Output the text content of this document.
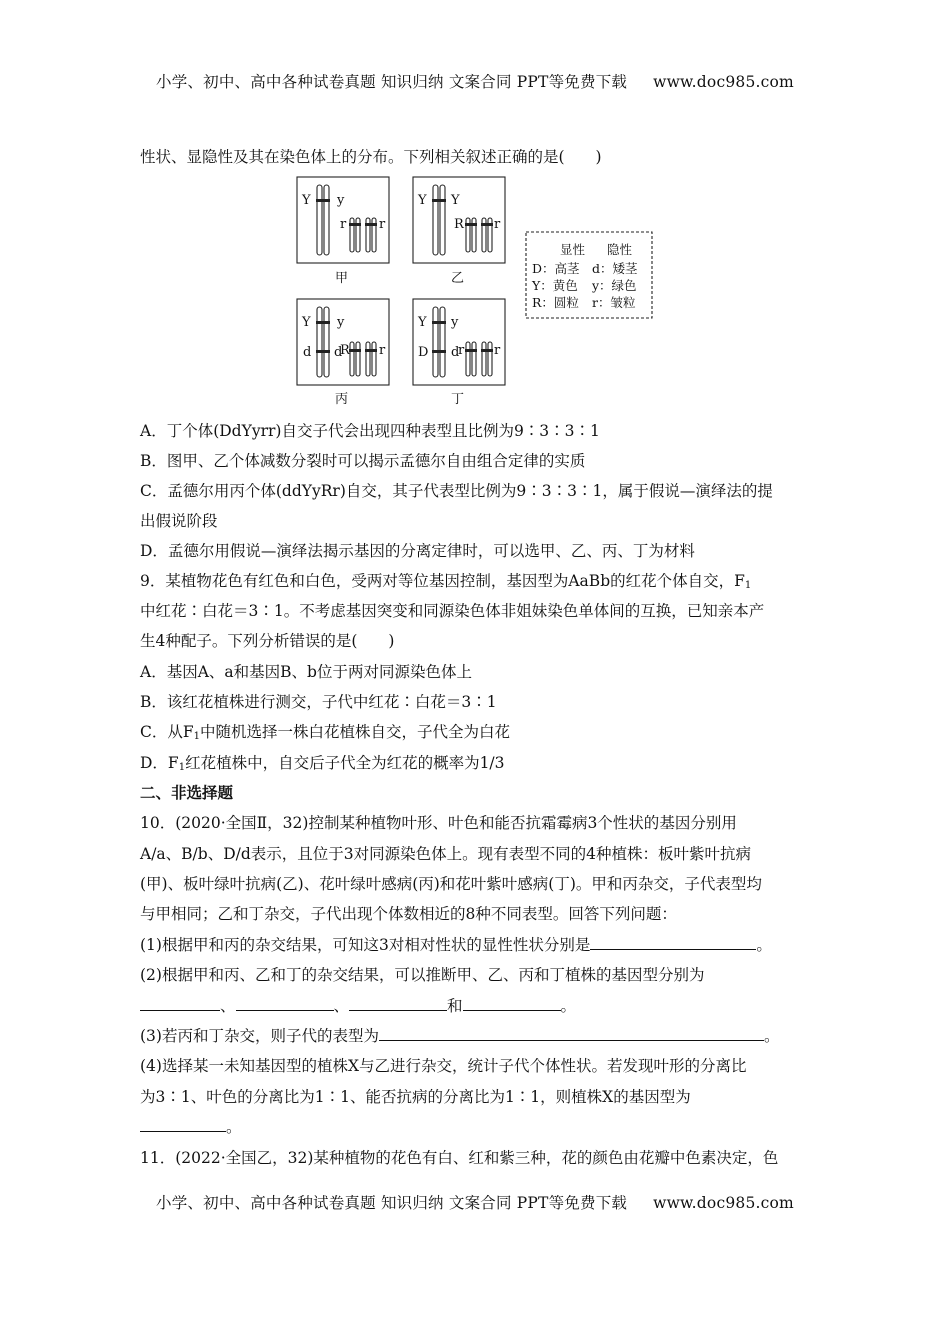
小学、初中、高中各种试卷真题 知识归纳 文案合同 PPT等免费下载 www.doc985.com
性状、显隐性及其在染色体上的分布。下列相关叙述正确的是(　　)
Y y
r	r
甲
Y Y
R r
乙
Y y
d d
R r
丙
Y y
D d
r r
丁
显性 隐性
D：高茎 d：矮茎
Y：黄色 y：绿色
R：圆粒 r：皱粒
A．丁个体(DdYyrr)自交子代会出现四种表型且比例为9∶3∶3∶1
B．图甲、乙个体减数分裂时可以揭示孟德尔自由组合定律的实质
C．孟德尔用丙个体(ddYyRr)自交，其子代表型比例为9∶3∶3∶1，属于假说—演绎法的提
出假说阶段
D．孟德尔用假说—演绎法揭示基因的分离定律时，可以选甲、乙、丙、丁为材料
9．某植物花色有红色和白色，受两对等位基因控制，基因型为AaBb的红花个体自交，$F_1$
中红花∶白花＝3∶1。不考虑基因突变和同源染色体非姐妹染色单体间的互换，已知亲本产
生4种配子。下列分析错误的是(　　)
A．基因A、a和基因B、b位于两对同源染色体上
B．该红花植株进行测交，子代中红花∶白花＝3∶1
C．从$F_1$中随机选择一株白花植株自交，子代全为白花
D．$F_1$红花植株中，自交后子代全为红花的概率为1/3
二、非选择题
10．(2020·全国Ⅱ，32)控制某种植物叶形、叶色和能否抗霜霉病3个性状的基因分别用
A/a、B/b、D/d表示，且位于3对同源染色体上。现有表型不同的4种植株：板叶紫叶抗病
(甲)、板叶绿叶抗病(乙)、花叶绿叶感病(丙)和花叶紫叶感病(丁)。甲和丙杂交，子代表型均
与甲相同；乙和丁杂交，子代出现个体数相近的8种不同表型。回答下列问题：
(1)根据甲和丙的杂交结果，可知这3对相对性状的显性性状分别是	。
(2)根据甲和丙、乙和丁的杂交结果，可以推断甲、乙、丙和丁植株的基因型分别为
、	、	和	。
(3)若丙和丁杂交，则子代的表型为	。
(4)选择某一未知基因型的植株X与乙进行杂交，统计子代个体性状。若发现叶形的分离比
为3∶1、叶色的分离比为1∶1、能否抗病的分离比为1∶1，则植株X的基因型为
。
11．(2022·全国乙，32)某种植物的花色有白、红和紫三种，花的颜色由花瓣中色素决定，色
小学、初中、高中各种试卷真题 知识归纳 文案合同 PPT等免费下载 www.doc985.com
